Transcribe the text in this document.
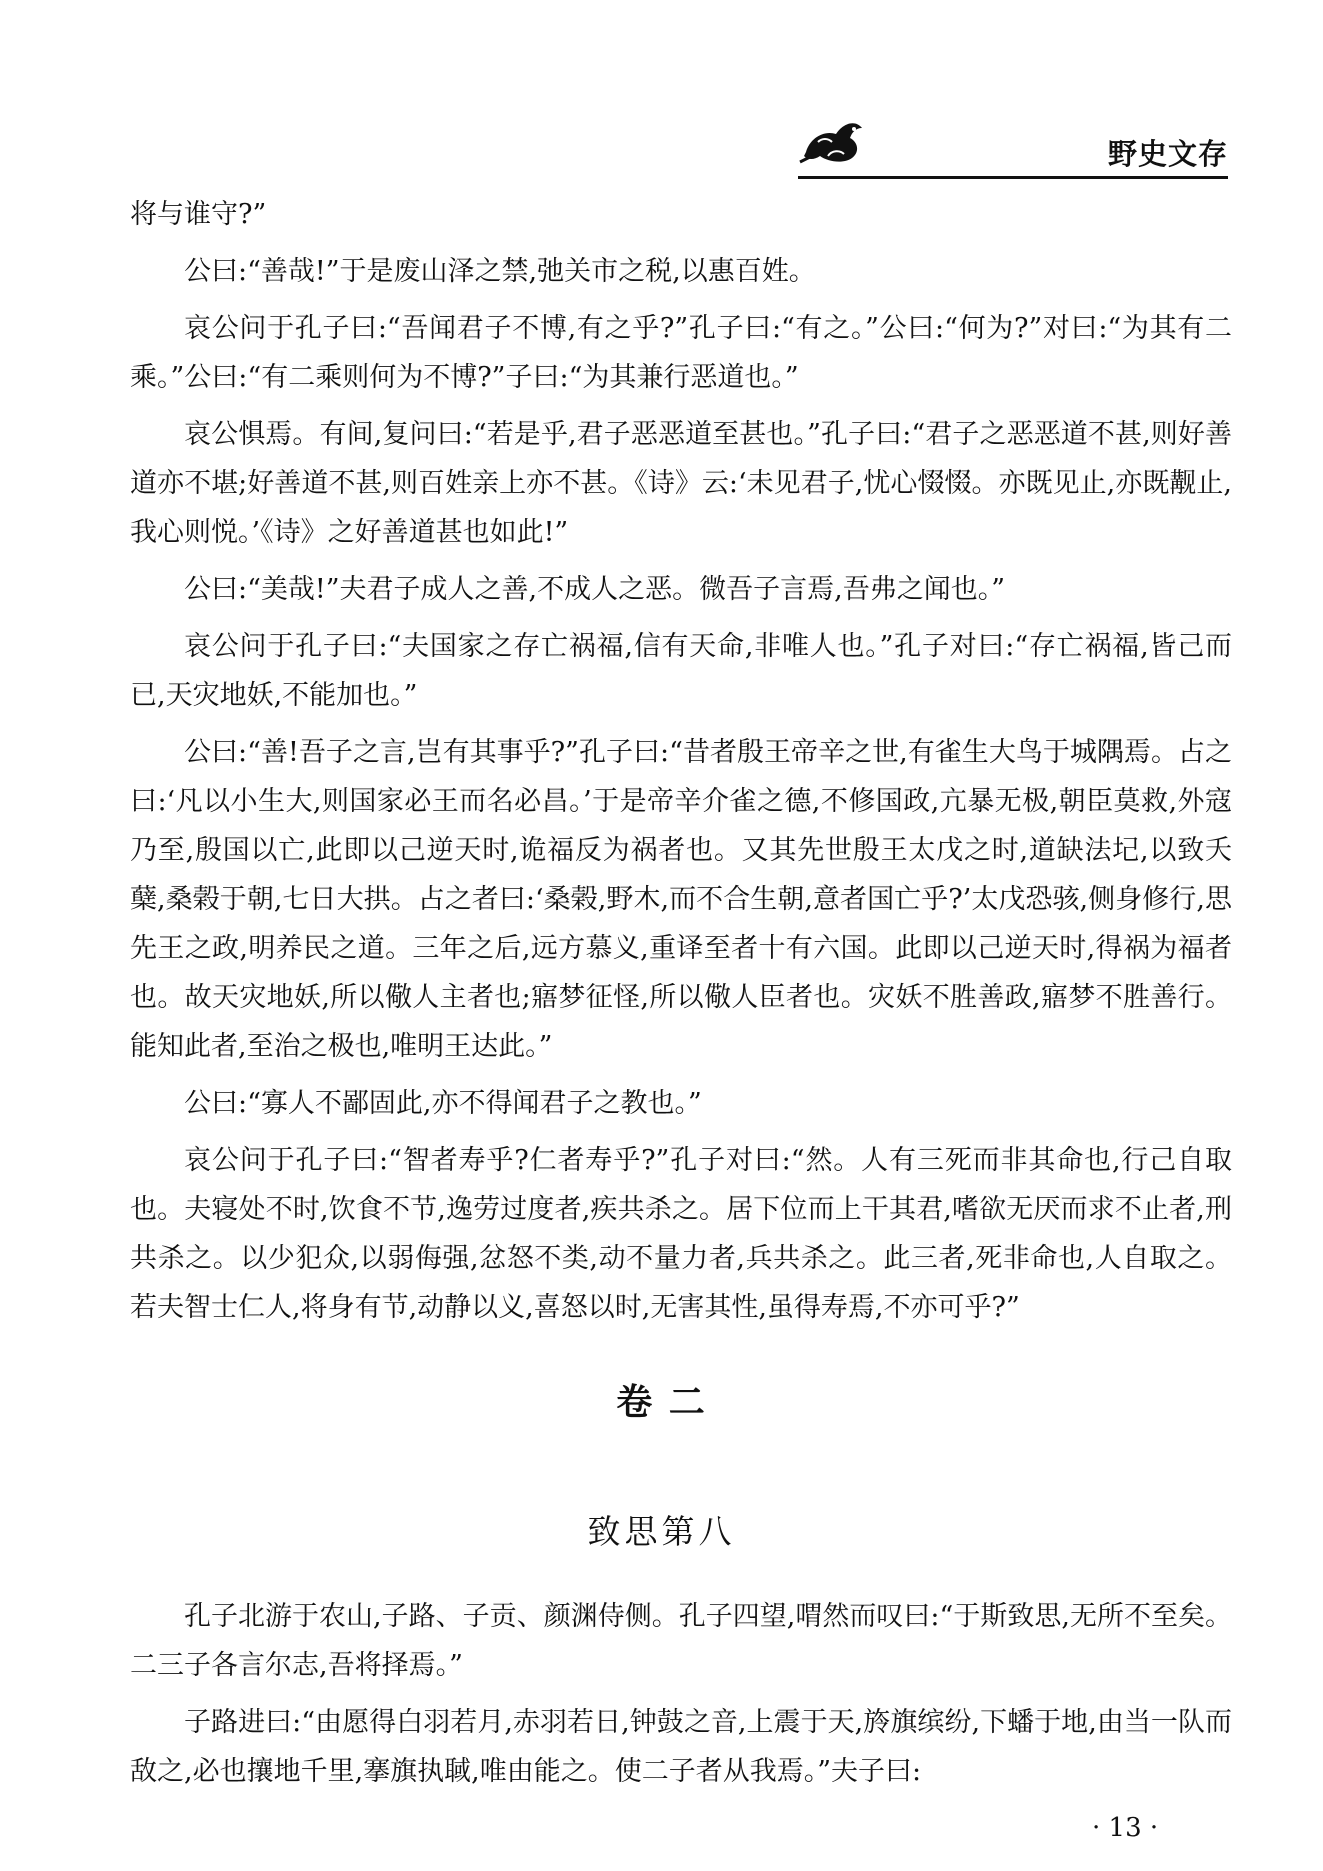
野史文存

将与谁守?”

公曰:“善哉!”于是废山泽之禁,弛关市之税,以惠百姓。

哀公问于孔子曰:“吾闻君子不博,有之乎?”孔子曰:“有之。”公曰:“何为?”对曰:“为其有二乘。”公曰:“有二乘则何为不博?”子曰:“为其兼行恶道也。”

哀公惧焉。有间,复问曰:“若是乎,君子恶恶道至甚也。”孔子曰:“君子之恶恶道不甚,则好善道亦不堪;好善道不甚,则百姓亲上亦不甚。《诗》云:‘未见君子,忧心惙惙。亦既见止,亦既觏止,我心则悦。’《诗》之好善道甚也如此!”

公曰:“美哉!”夫君子成人之善,不成人之恶。微吾子言焉,吾弗之闻也。”

哀公问于孔子曰:“夫国家之存亡祸福,信有天命,非唯人也。”孔子对曰:“存亡祸福,皆己而已,天灾地妖,不能加也。”

公曰:“善!吾子之言,岂有其事乎?”孔子曰:“昔者殷王帝辛之世,有雀生大鸟于城隅焉。占之曰:‘凡以小生大,则国家必王而名必昌。’于是帝辛介雀之德,不修国政,亢暴无极,朝臣莫救,外寇乃至,殷国以亡,此即以己逆天时,诡福反为祸者也。又其先世殷王太戊之时,道缺法圮,以致夭蘖,桑榖于朝,七日大拱。占之者曰:‘桑榖,野木,而不合生朝,意者国亡乎?’太戊恐骇,侧身修行,思先王之政,明养民之道。三年之后,远方慕义,重译至者十有六国。此即以己逆天时,得祸为福者也。故天灾地妖,所以儆人主者也;寤梦征怪,所以儆人臣者也。灾妖不胜善政,寤梦不胜善行。能知此者,至治之极也,唯明王达此。”

公曰:“寡人不鄙固此,亦不得闻君子之教也。”

哀公问于孔子曰:“智者寿乎?仁者寿乎?”孔子对曰:“然。人有三死而非其命也,行己自取也。夫寝处不时,饮食不节,逸劳过度者,疾共杀之。居下位而上干其君,嗜欲无厌而求不止者,刑共杀之。以少犯众,以弱侮强,忿怒不类,动不量力者,兵共杀之。此三者,死非命也,人自取之。若夫智士仁人,将身有节,动静以义,喜怒以时,无害其性,虽得寿焉,不亦可乎?”

卷 二
致思第八

孔子北游于农山,子路、子贡、颜渊侍侧。孔子四望,喟然而叹曰:“于斯致思,无所不至矣。二三子各言尔志,吾将择焉。”

子路进曰:“由愿得白羽若月,赤羽若日,钟鼓之音,上震于天,旍旗缤纷,下蟠于地,由当一队而敌之,必也攘地千里,搴旗执聝,唯由能之。使二子者从我焉。”夫子曰:

· 13 ·
